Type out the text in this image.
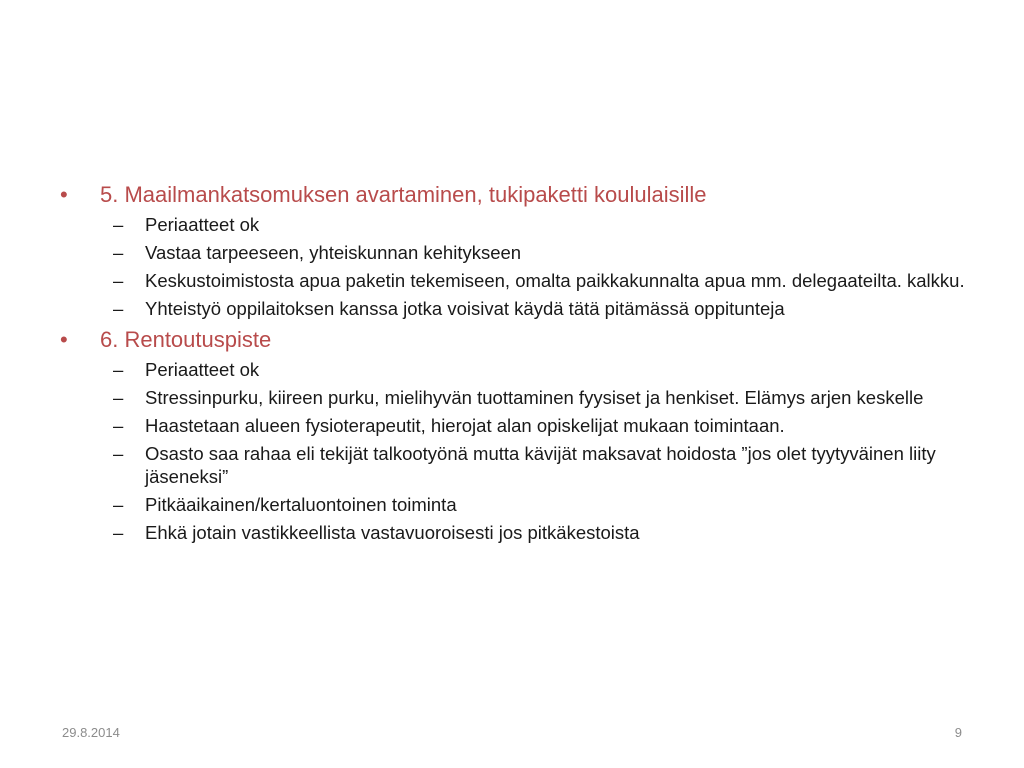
• 5. Maailmankatsomuksen avartaminen, tukipaketti koululaisille
– Periaatteet ok
– Vastaa tarpeeseen, yhteiskunnan kehitykseen
– Keskustoimistosta apua paketin tekemiseen, omalta paikkakunnalta apua mm. delegaateilta. kalkku.
– Yhteistyö oppilaitoksen kanssa jotka voisivat käydä tätä pitämässä oppitunteja
• 6. Rentoutuspiste
– Periaatteet ok
– Stressinpurku, kiireen purku, mielihyvän tuottaminen fyysiset ja henkiset. Elämys arjen keskelle
– Haastetaan alueen fysioterapeutit, hierojat alan opiskelijat mukaan toimintaan.
– Osasto saa rahaa eli tekijät talkootyönä mutta kävijät maksavat hoidosta ”jos olet tyytyväinen liity jäseneksi”
– Pitkäaikainen/kertaluontoinen toiminta
– Ehkä jotain vastikkeellista vastavuoroisesti jos pitkäkestoista
29.8.2014	9
